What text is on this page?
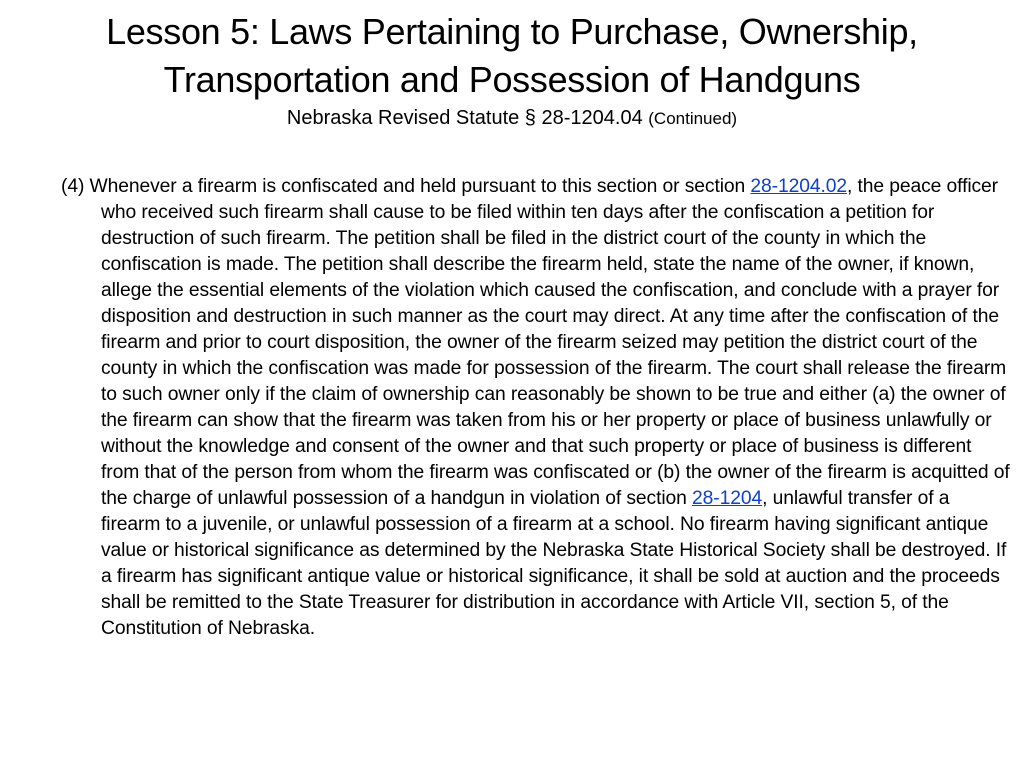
Lesson 5: Laws Pertaining to Purchase, Ownership,
Transportation and Possession of Handguns
Nebraska Revised Statute § 28-1204.04 (Continued)

(4) Whenever a firearm is confiscated and held pursuant to this section or section 28-1204.02, the peace officer who received such firearm shall cause to be filed within ten days after the confiscation a petition for destruction of such firearm. The petition shall be filed in the district court of the county in which the confiscation is made. The petition shall describe the firearm held, state the name of the owner, if known, allege the essential elements of the violation which caused the confiscation, and conclude with a prayer for disposition and destruction in such manner as the court may direct. At any time after the confiscation of the firearm and prior to court disposition, the owner of the firearm seized may petition the district court of the county in which the confiscation was made for possession of the firearm. The court shall release the firearm to such owner only if the claim of ownership can reasonably be shown to be true and either (a) the owner of the firearm can show that the firearm was taken from his or her property or place of business unlawfully or without the knowledge and consent of the owner and that such property or place of business is different from that of the person from whom the firearm was confiscated or (b) the owner of the firearm is acquitted of the charge of unlawful possession of a handgun in violation of section 28-1204, unlawful transfer of a firearm to a juvenile, or unlawful possession of a firearm at a school. No firearm having significant antique value or historical significance as determined by the Nebraska State Historical Society shall be destroyed. If a firearm has significant antique value or historical significance, it shall be sold at auction and the proceeds shall be remitted to the State Treasurer for distribution in accordance with Article VII, section 5, of the Constitution of Nebraska.
